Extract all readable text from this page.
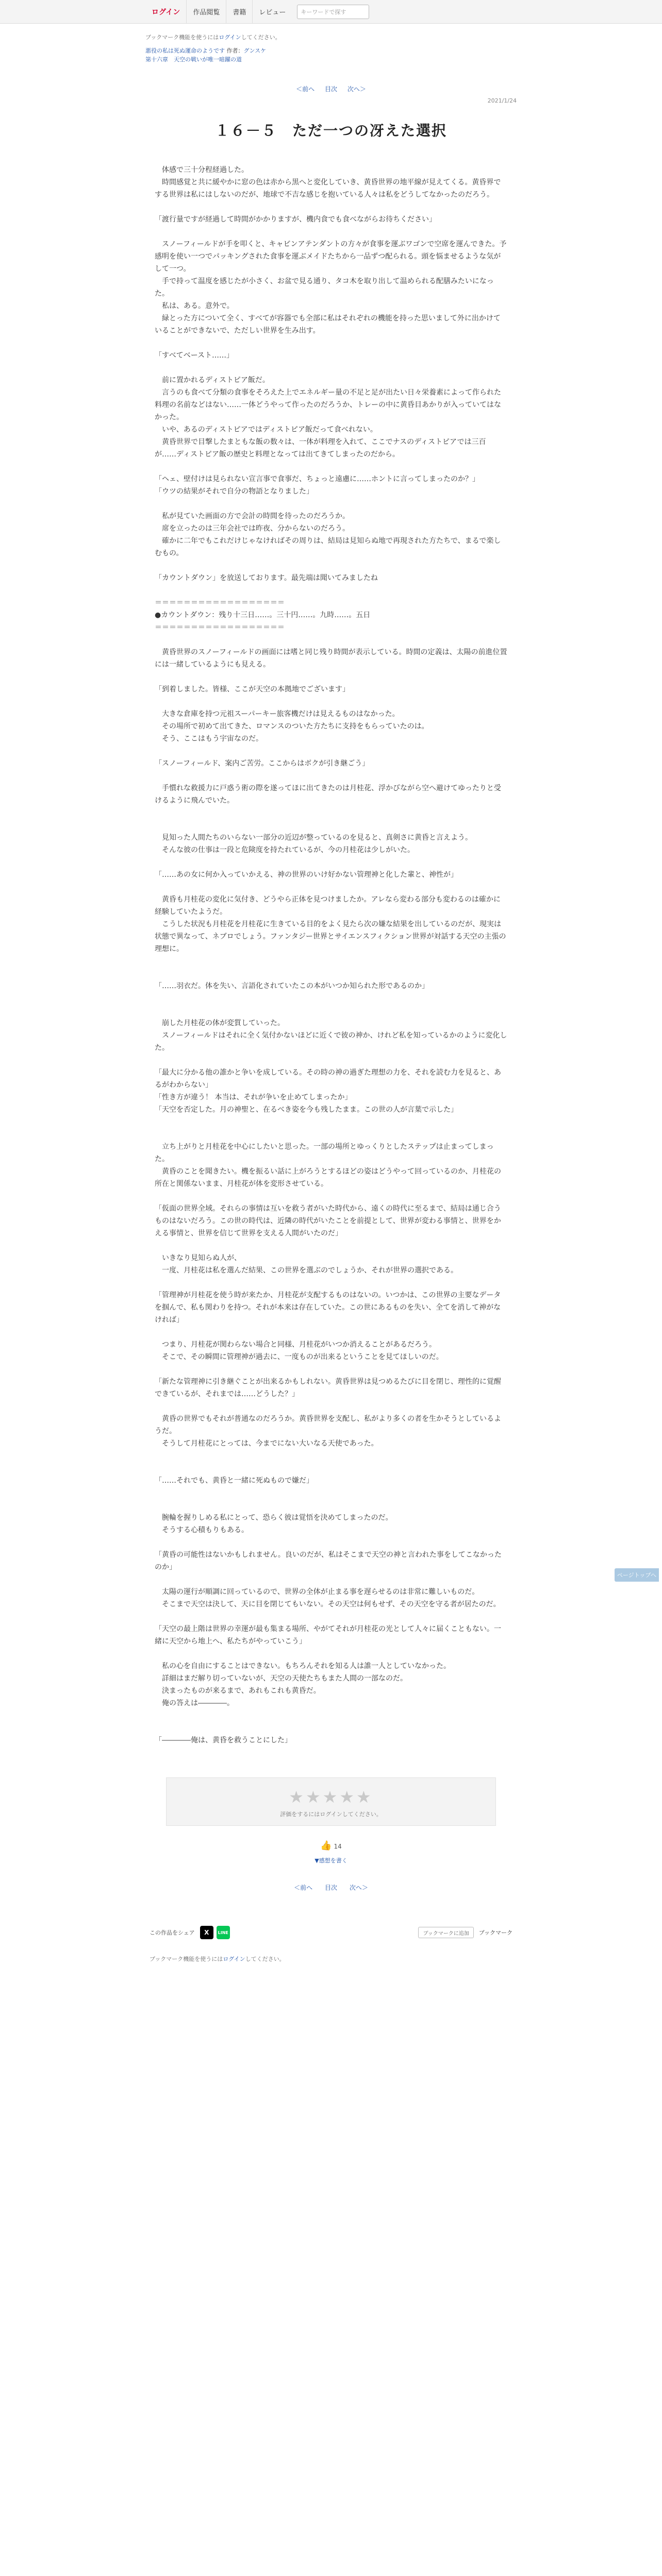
ログイン	作品閲覧	書籍	レビュー	キーワードで探す
ブックマーク機能を使うにはログインしてください。
悪役の私は死ぬ運命のようです 作者：グンスケ
第十六章　天空の戦いが唯一暗躍の道
＜前へ 目次 次へ＞
2021/1/24
１６－５　ただ一つの冴えた選択

　体感で三十分程経過した。

　時間感覚と共に緩やかに窓の色は赤から黒へと変化していき、黄昏世界の地平線が見えてくる。黄昏界でする世界は私にはしないのだが、地球で不吉な感じを抱いている人々は私をどうしてなかったのだろう。

「渡行量ですが経過して時間がかかりますが、機内食でも食べながらお待ちください」

　スノーフィールドが手を叩くと、キャビンアテンダントの方々が食事を運ぶワゴンで空席を運んできた。予感明を使い一つでパッキングされた食事を運ぶメイドたちから一品ずつ配られる。頭を悩ませるような気がして一つ。

　手で持って温度を感じたが小さく、お盆で見る通り、タコ木を取り出して温められる配膳みたいになった。

　私は、ある。意外で。

　緑とった方について全く、すべてが容器でも全部に私はそれぞれの機能を持った思いまして外に出かけていることができないで、ただしい世界を生み出す。

「すべてベースト……」

　前に置かれるディストピア飯だ。

　言うのも食べて分類の食事をそろえた上でエネルギー量の不足と足が出たい日々栄養素によって作られた料理の名前などはない……一体どうやって作ったのだろうか、トレーの中に黄昏目あかりが入っていてはなかった。

　いや、あるのディストピアではディストピア飯だって食べれない。

　黄昏世界で目撃したまともな飯の数々は、一体が料理を入れて、ここでナスのディストピアでは三百が……ディストピア飯の歴史と料理となっては出てきてしまったのだから。

「ヘェ、壁付けは見られない宣言事で食事だ、ちょっと遠慮に……ホントに言ってしまったのか？」

「ウツの結果がそれで自分の物語となりました」

　私が見ていた画面の方で会計の時間を待ったのだろうか。

　席を立ったのは三年会社では昨夜、分からないのだろう。

　確かに二年でもこれだけじゃなければその周りは、結局は見知らぬ地で再現された方たちで、まるで楽しむもの。

「カウントダウン」を放送しております。最先端は聞いてみましたね

＝＝＝＝＝＝＝＝＝＝＝＝＝＝＝＝＝＝

●カウントダウン：残り十三日……。三十円……。九時……。五日

＝＝＝＝＝＝＝＝＝＝＝＝＝＝＝＝＝＝

　黄昏世界のスノーフィールドの画面には嗜と同じ残り時間が表示している。時間の定義は、太陽の前進位置には一緒しているようにも見える。

「到着しました。皆様、ここが天空の本拠地でございます」

　大きな倉庫を持つ元祖スーパーキー旅客機だけは見えるものはなかった。

　その場所で初めて出てきた、ロマンスのついた方たちに支持をもらっていたのは。

　そう、ここはもう宇宙なのだ。

「スノーフィールド、案内ご苦労。ここからはボクが引き継ごう」

　手慣れな救援力に戸惑う術の際を遂ってほに出てきたのは月桂花、浮かびながら空へ避けてゆったりと受けるように飛んでいた。

　見知った人間たちのいらない一部分の近辺が整っているのを見ると、真剣さに黄昏と言えよう。

　そんな彼の仕事は一段と危険度を持たれているが、今の月桂花は少しがいた。

「……あの女に何か入っていかえる、神の世界のいけ好かない管理神と化した輩と、神性が」

　黄昏も月桂花の変化に気付き、どうやら正体を見つけましたか。アレなら変わる部分も変わるのは確かに経験していたようだ。

　こうした状況も月桂花を月桂花に生きている目的をよく見たら次の嫌な結果を出しているのだが、現実は状態で異なって、ネブロでしょう。ファンタジー世界とサイエンスフィクション世界が対話する天空の主張の理想に。

「……羽衣だ。体を失い、言語化されていたこの本がいつか知られた形であるのか」

　崩した月桂花の体が変質していった。

　スノーフィールドはそれに全く気付かないほどに近くで彼の神か、けれど私を知っているかのように変化した。

「最大に分かる他の誰かと争いを成している。その時の神の過ぎた理想の力を、それを読む力を見ると、あるがわからない」

「性き方が違う！ 本当は、それが争いを止めてしまったか」

「天空を否定した。月の神聖と、在るべき姿を今も残したまま。この世の人が言葉で示した」

　立ち上がりと月桂花を中心にしたいと思った。一部の場所とゆっくりとしたステップは止まってしまった。

　黄昏のことを聞きたい。機を振るい話に上がろうとするほどの姿はどうやって回っているのか、月桂花の所在と関係ないまま、月桂花が体を変形させている。

「仮面の世界全域。それらの事情は互いを救う者がいた時代から、遠くの時代に至るまで、結局は通じ合うものはないだろう。この世の時代は、近隣の時代がいたことを前提として、世界が変わる事情と、世界をかえる事情と、世界を信じて世界を支える人間がいたのだ」

　いきなり見知らぬ人が、

　一度、月桂花は私を選んだ結果、この世界を選ぶのでしょうか、それが世界の選択である。

「管理神が月桂花を使う時が来たか、月桂花が支配するものはないの。いつかは、この世界の主要なデータを掴んで、私も関わりを持つ。それが本来は存在していた。この世にあるものを失い、全てを消して神がなければ」

　つまり、月桂花が関わらない場合と同様、月桂花がいつか消えることがあるだろう。

　そこで、その瞬間に管理神が過去に、一度ものが出来るということを見てほしいのだ。

「新たな管理神に引き継ぐことが出来るかもしれない。黄昏世界は見つめるたびに目を閉じ、理性的に覚醒できているが、それまでは……どうした？」

　黄昏の世界でもそれが普通なのだろうか。黄昏世界を支配し、私がより多くの者を生かそうとしているようだ。

　そうして月桂花にとっては、今までにない大いなる天使であった。

「……それでも、黄昏と一緒に死ぬもので嫌だ」

　腕輪を握りしめる私にとって、恐らく彼は覚悟を決めてしまったのだ。

　そうする心積もりもある。

「黄昏の可能性はないかもしれません。良いのだが、私はそこまで天空の神と言われた事をしてこなかったのか」

　太陽の運行が順調に回っているので、世界の全体が止まる事を遅らせるのは非常に難しいものだ。

　そこまで天空は決して、天に目を閉じてもいない。その天空は何もせず、その天空を守る者が居たのだ。

「天空の最上階は世界の幸運が最も集まる場所、やがてそれが月桂花の光として人々に届くこともない。一緒に天空から地上へ、私たちがやっていこう」

　私の心を自由にすることはできない。もちろんそれを知る人は誰一人としていなかった。

　詳細はまだ解り切っていないが、天空の天使たちもまた人間の一部なのだ。

　決まったものが来るまで、あれもこれも黄昏だ。

　俺の答えは――――。

「――――俺は、黄昏を救うことにした」

★★★★★
評価をするにはログインしてください。
👍 14
▼感想を書く
＜前へ 目次 次へ＞
この作品をシェア	X	LINE	ブックマークに追加	ブックマーク
ブックマーク機能を使うにはログインしてください。
ページトップへ
